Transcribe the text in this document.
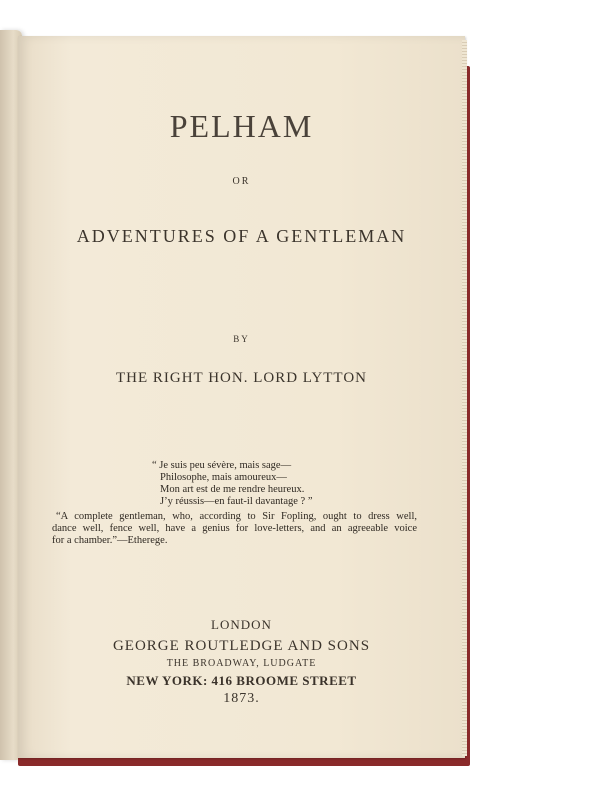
PELHAM
OR
ADVENTURES OF A GENTLEMAN
BY
THE RIGHT HON. LORD LYTTON
“ Je suis peu sévère, mais sage—
Philosophe, mais amoureux—
Mon art est de me rendre heureux.
J’y réussis—en faut-il davantage ? ”
“A complete gentleman, who, according to Sir Fopling, ought to dress well,
dance well, fence well, have a genius for love-letters, and an agreeable voice
for a chamber.”—Etherege.
LONDON
GEORGE ROUTLEDGE AND SONS
THE BROADWAY, LUDGATE
NEW YORK: 416 BROOME STREET
1873.
